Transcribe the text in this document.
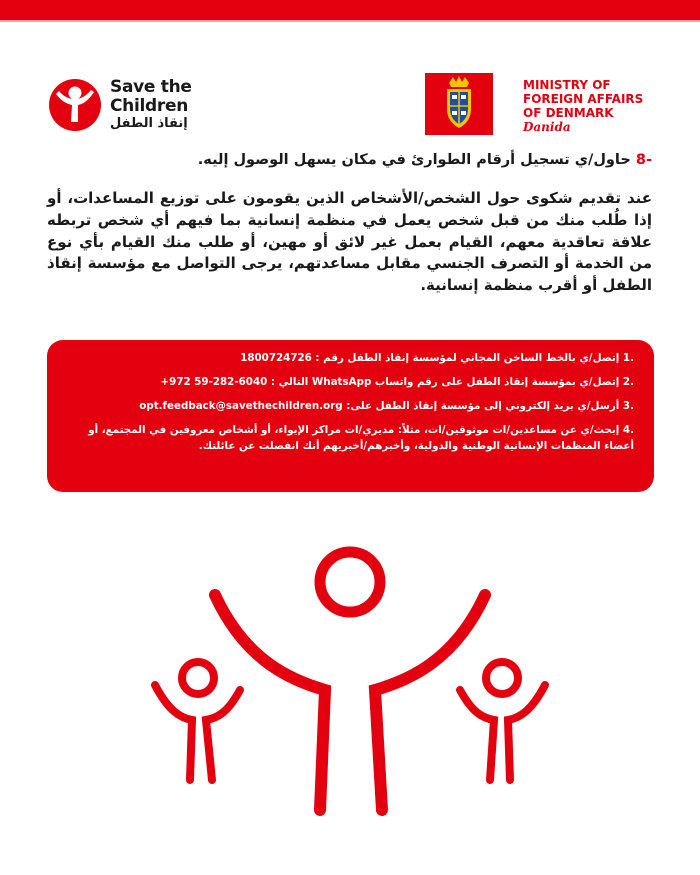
Save the
Children
إنقاذ الطفل
MINISTRY OF
FOREIGN AFFAIRS
OF DENMARK
Danida
-8 حاول/ي تسجيل أرقام الطوارئ في مكان يسهل الوصول إليه.
عند تقديم شكوى حول الشخص/الأشخاص الذين يقومون على توزيع المساعدات، أو إذا طُلب منك من قبل شخص يعمل في منظمة إنسانية بما فيهم أي شخص تربطه علاقة تعاقدية معهم، القيام بعمل غير لائق أو مهين، أو طلب منك القيام بأي نوع من الخدمة أو التصرف الجنسي مقابل مساعدتهم، يرجى التواصل مع مؤسسة إنقاذ الطفل أو أقرب منظمة إنسانية.
.1 إتصل/ي بالخط الساخن المجاني لمؤسسة إنقاذ الطفل رقم : 1800724726
.2 إتصل/ي بمؤسسة إنقاذ الطفل على رقم واتساب WhatsApp التالي : +972 59-282-6040
.3 أرسل/ي بريد إلكتروني إلى مؤسسة إنقاذ الطفل على: opt.feedback@savethechildren.org
.4 إبحث/ي عن مساعدين/ات موثوقين/ات، مثلاً: مديري/ات مراكز الإيواء، أو أشخاص معروفين في المجتمع، أو أعضاء المنظمات الإنسانية الوطنية والدولية، وأخبرهم/أخبريهم أنك انفصلت عن عائلتك.
